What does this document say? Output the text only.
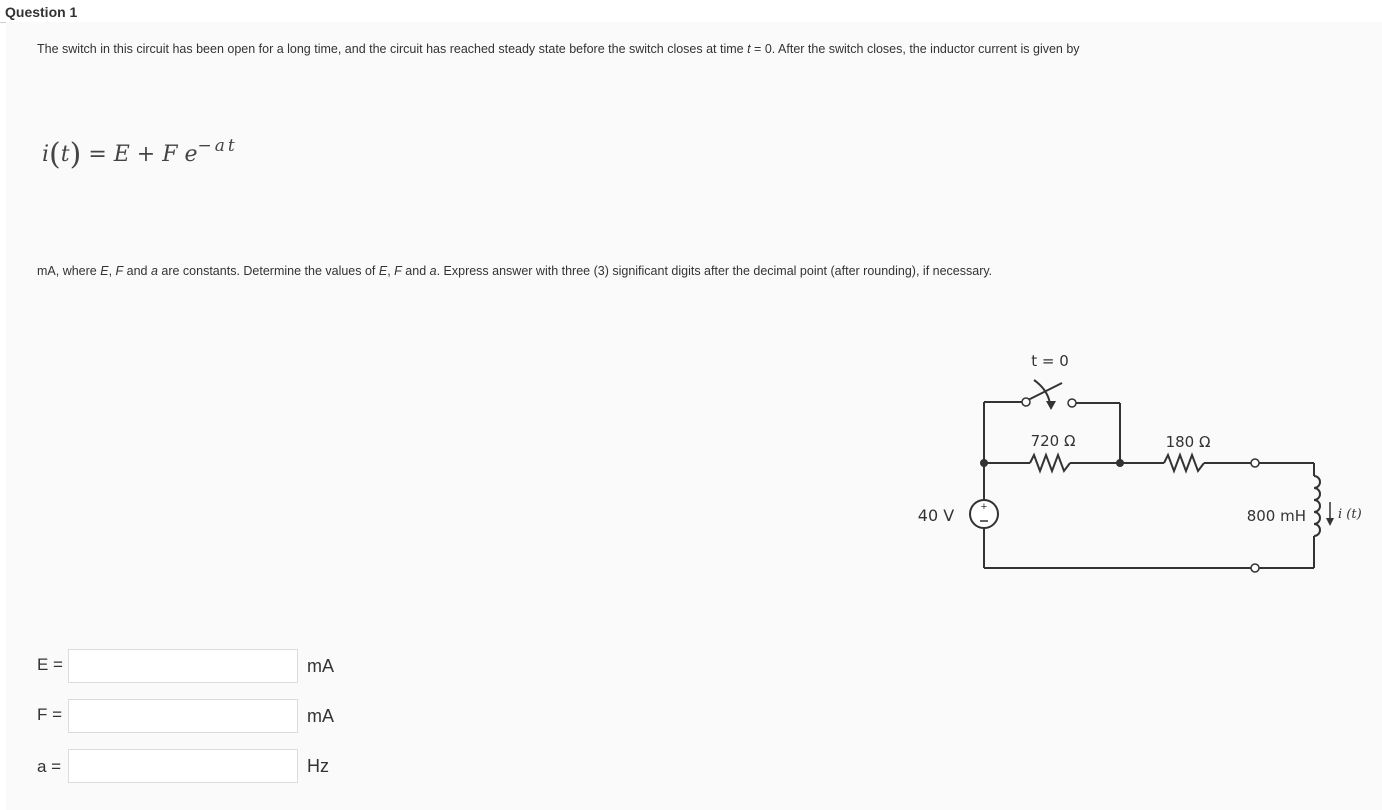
Question 1
The switch in this circuit has been open for a long time, and the circuit has reached steady state before the switch closes at time t = 0. After the switch closes, the inductor current is given by
i(t) = E + F $e^{-at}$
mA, where E, F and a are constants. Determine the values of E, F and a. Express answer with three (3) significant digits after the decimal point (after rounding), if necessary.
+
t = 0
720 Ω	180 Ω
40 V	800 mH i (t)
E =	mA
F =	mA
a =	Hz
